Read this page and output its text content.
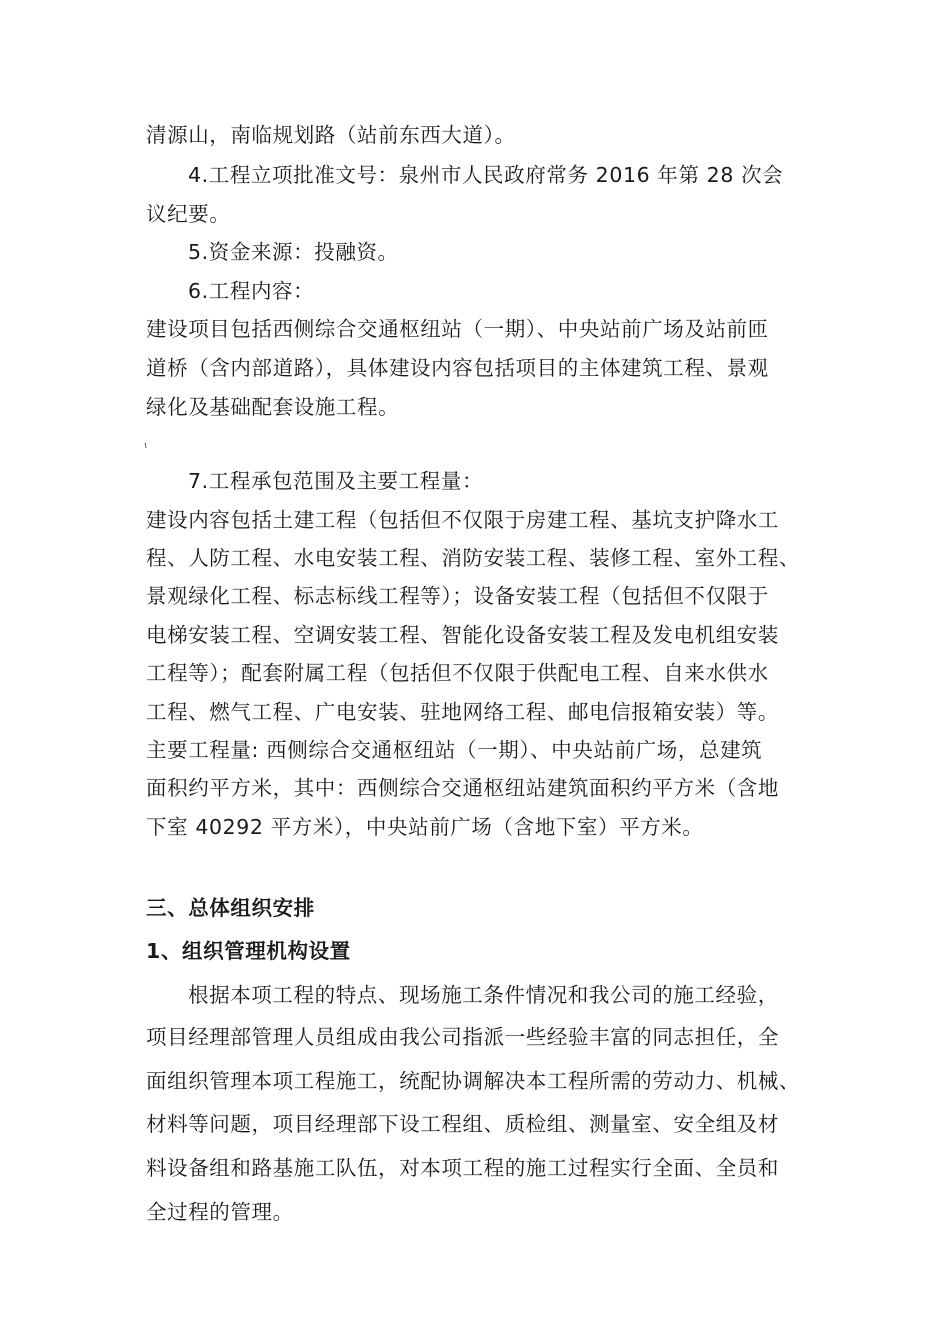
清源山，南临规划路（站前东西大道）。
4.工程立项批准文号：泉州市人民政府常务 2016 年第 28 次会
议纪要。
5.资金来源：投融资。
6.工程内容：
建设项目包括西侧综合交通枢纽站（一期）、中央站前广场及站前匝
道桥（含内部道路），具体建设内容包括项目的主体建筑工程、景观
绿化及基础配套设施工程。
ι
7.工程承包范围及主要工程量：
建设内容包括土建工程（包括但不仅限于房建工程、基坑支护降水工
程、人防工程、水电安装工程、消防安装工程、装修工程、室外工程、
景观绿化工程、标志标线工程等）；设备安装工程（包括但不仅限于
电梯安装工程、空调安装工程、智能化设备安装工程及发电机组安装
工程等）；配套附属工程（包括但不仅限于供配电工程、自来水供水
工程、燃气工程、广电安装、驻地网络工程、邮电信报箱安装）等。
主要工程量: 西侧综合交通枢纽站（一期）、中央站前广场，总建筑
面积约平方米，其中：西侧综合交通枢纽站建筑面积约平方米（含地
下室 40292 平方米），中央站前广场（含地下室）平方米。
三、总体组织安排
1、组织管理机构设置
根据本项工程的特点、现场施工条件情况和我公司的施工经验，
项目经理部管理人员组成由我公司指派一些经验丰富的同志担任，全
面组织管理本项工程施工，统配协调解决本工程所需的劳动力、机械、
材料等问题，项目经理部下设工程组、质检组、测量室、安全组及材
料设备组和路基施工队伍，对本项工程的施工过程实行全面、全员和
全过程的管理。
